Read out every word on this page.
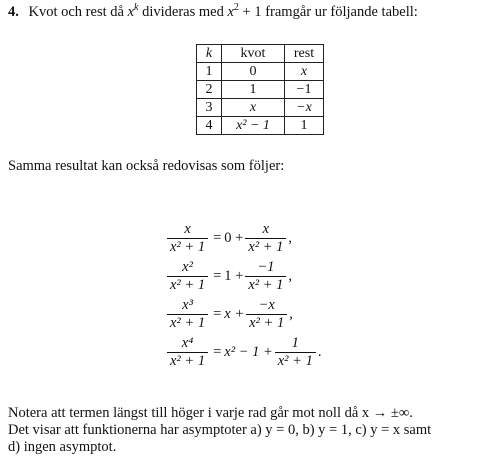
4. Kvot och rest då $x^k$ divideras med $x^2 + 1$ framgår ur följande tabell:
k	kvot	rest
1	0	x
2	1	−1
3	x	−x
4	x² − 1	1
Samma resultat kan också redovisas som följer:
$\frac{x}{\text{x² + 1}} = 0 + \frac{x}{\text{x² + 1}}$ ,
$\frac{\text{x²}}{\text{x² + 1}} = 1 + \frac{-1}{\text{x² + 1}}$ ,
$\frac{\text{x³}}{\text{x² + 1}} = x + \frac{-x}{\text{x² + 1}}$ ,
$\frac{\text{x⁴}}{\text{x² + 1}} = x^2 - 1 + \frac{1}{\text{x² + 1}}$ .

Notera att termen längst till höger i varje rad går mot noll då x → ±∞.

Det visar att funktionerna har asymptoter a) y = 0, b) y = 1, c) y = x samt

d) ingen asymptot.
